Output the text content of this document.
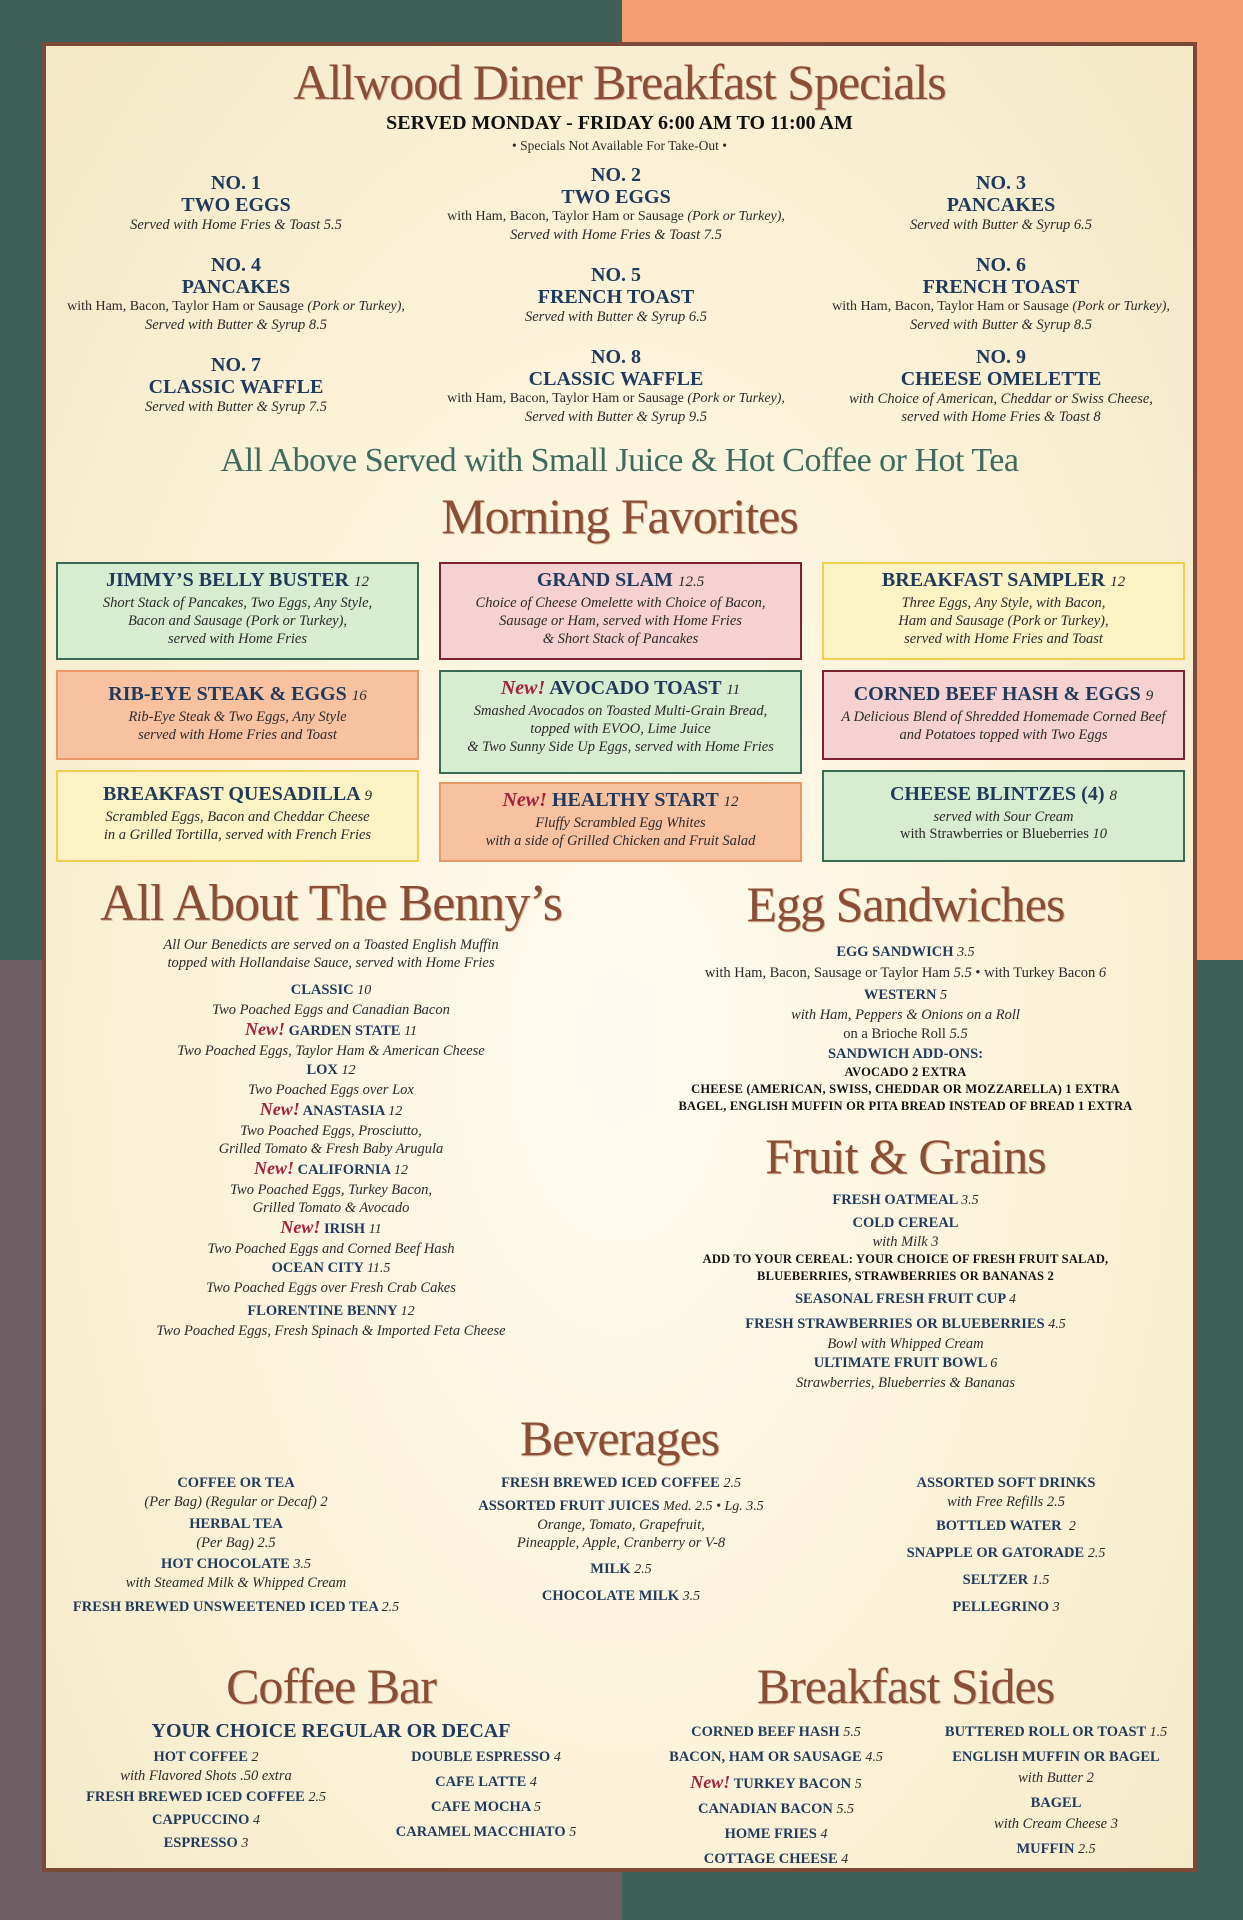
Allwood Diner Breakfast Specials
SERVED MONDAY - FRIDAY 6:00 AM TO 11:00 AM
• Specials Not Available For Take-Out •
NO. 1
TWO EGGS
Served with Home Fries & Toast 5.5
NO. 2
TWO EGGS
with Ham, Bacon, Taylor Ham or Sausage (Pork or Turkey),
Served with Home Fries & Toast 7.5
NO. 3
PANCAKES
Served with Butter & Syrup 6.5
NO. 4
PANCAKES
with Ham, Bacon, Taylor Ham or Sausage (Pork or Turkey),
Served with Butter & Syrup 8.5
NO. 5
FRENCH TOAST
Served with Butter & Syrup 6.5
NO. 6
FRENCH TOAST
with Ham, Bacon, Taylor Ham or Sausage (Pork or Turkey),
Served with Butter & Syrup 8.5
NO. 7
CLASSIC WAFFLE
Served with Butter & Syrup 7.5
NO. 8
CLASSIC WAFFLE
with Ham, Bacon, Taylor Ham or Sausage (Pork or Turkey),
Served with Butter & Syrup 9.5
NO. 9
CHEESE OMELETTE
with Choice of American, Cheddar or Swiss Cheese,
served with Home Fries & Toast 8
All Above Served with Small Juice & Hot Coffee or Hot Tea
Morning Favorites
JIMMY’S BELLY BUSTER 12
Short Stack of Pancakes, Two Eggs, Any Style,
Bacon and Sausage (Pork or Turkey),
served with Home Fries
GRAND SLAM 12.5
Choice of Cheese Omelette with Choice of Bacon,
Sausage or Ham, served with Home Fries
& Short Stack of Pancakes
BREAKFAST SAMPLER 12
Three Eggs, Any Style, with Bacon,
Ham and Sausage (Pork or Turkey),
served with Home Fries and Toast
RIB-EYE STEAK & EGGS 16
Rib-Eye Steak & Two Eggs, Any Style
served with Home Fries and Toast
New! AVOCADO TOAST 11
Smashed Avocados on Toasted Multi-Grain Bread,
topped with EVOO, Lime Juice
& Two Sunny Side Up Eggs, served with Home Fries
CORNED BEEF HASH & EGGS 9
A Delicious Blend of Shredded Homemade Corned Beef
and Potatoes topped with Two Eggs
BREAKFAST QUESADILLA 9
Scrambled Eggs, Bacon and Cheddar Cheese
in a Grilled Tortilla, served with French Fries
New! HEALTHY START 12
Fluffy Scrambled Egg Whites
with a side of Grilled Chicken and Fruit Salad
CHEESE BLINTZES (4) 8
served with Sour Cream
with Strawberries or Blueberries 10
All About The Benny’s
All Our Benedicts are served on a Toasted English Muffin
topped with Hollandaise Sauce, served with Home Fries
CLASSIC 10
Two Poached Eggs and Canadian Bacon
New! GARDEN STATE 11
Two Poached Eggs, Taylor Ham & American Cheese
LOX 12
Two Poached Eggs over Lox
New! ANASTASIA 12
Two Poached Eggs, Prosciutto,
Grilled Tomato & Fresh Baby Arugula
New! CALIFORNIA 12
Two Poached Eggs, Turkey Bacon,
Grilled Tomato & Avocado
New! IRISH 11
Two Poached Eggs and Corned Beef Hash
OCEAN CITY 11.5
Two Poached Eggs over Fresh Crab Cakes
FLORENTINE BENNY 12
Two Poached Eggs, Fresh Spinach & Imported Feta Cheese
Egg Sandwiches
EGG SANDWICH 3.5
with Ham, Bacon, Sausage or Taylor Ham 5.5 • with Turkey Bacon 6
WESTERN 5
with Ham, Peppers & Onions on a Roll
on a Brioche Roll 5.5
SANDWICH ADD-ONS:
AVOCADO 2 EXTRA
CHEESE (AMERICAN, SWISS, CHEDDAR OR MOZZARELLA) 1 EXTRA
BAGEL, ENGLISH MUFFIN OR PITA BREAD INSTEAD OF BREAD 1 EXTRA
Fruit & Grains
FRESH OATMEAL 3.5
COLD CEREAL
with Milk 3
ADD TO YOUR CEREAL: YOUR CHOICE OF FRESH FRUIT SALAD,
BLUEBERRIES, STRAWBERRIES OR BANANAS 2
SEASONAL FRESH FRUIT CUP 4
FRESH STRAWBERRIES OR BLUEBERRIES 4.5
Bowl with Whipped Cream
ULTIMATE FRUIT BOWL 6
Strawberries, Blueberries & Bananas
Beverages
COFFEE OR TEA
(Per Bag) (Regular or Decaf) 2
HERBAL TEA
(Per Bag) 2.5
HOT CHOCOLATE 3.5
with Steamed Milk & Whipped Cream
FRESH BREWED UNSWEETENED ICED TEA 2.5
FRESH BREWED ICED COFFEE 2.5
ASSORTED FRUIT JUICES Med. 2.5 • Lg. 3.5
Orange, Tomato, Grapefruit,
Pineapple, Apple, Cranberry or V-8
MILK 2.5
CHOCOLATE MILK 3.5
ASSORTED SOFT DRINKS
with Free Refills 2.5
BOTTLED WATER 2
SNAPPLE OR GATORADE 2.5
SELTZER 1.5
PELLEGRINO 3
Coffee Bar
YOUR CHOICE REGULAR OR DECAF
HOT COFFEE 2
with Flavored Shots .50 extra
FRESH BREWED ICED COFFEE 2.5
CAPPUCCINO 4
ESPRESSO 3
DOUBLE ESPRESSO 4
CAFE LATTE 4
CAFE MOCHA 5
CARAMEL MACCHIATO 5
Breakfast Sides
CORNED BEEF HASH 5.5
BACON, HAM OR SAUSAGE 4.5
New! TURKEY BACON 5
CANADIAN BACON 5.5
HOME FRIES 4
COTTAGE CHEESE 4
BUTTERED ROLL OR TOAST 1.5
ENGLISH MUFFIN OR BAGEL
with Butter 2
BAGEL
with Cream Cheese 3
MUFFIN 2.5
